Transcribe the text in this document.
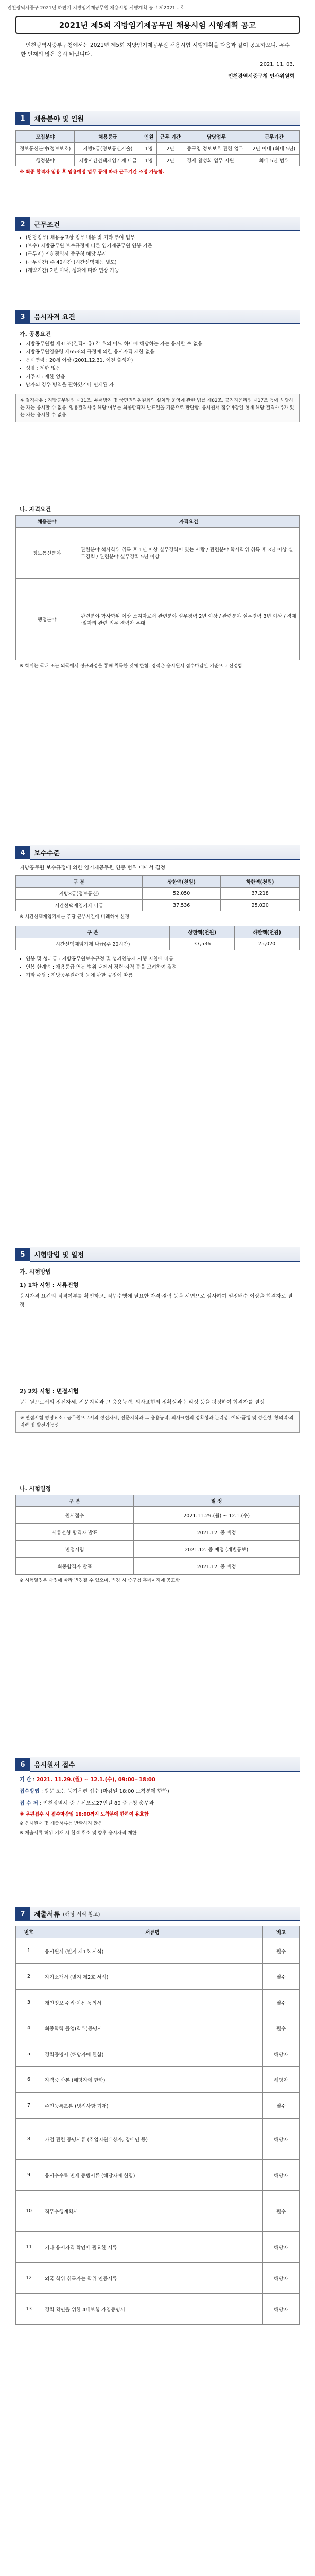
인천광역시중구 2021년 하반기 지방임기제공무원 채용시험 시행계획 공고 제2021 - 호
2021년 제5회 지방임기제공무원 채용시험 시행계획 공고
인천광역시중부구청에서는 2021년 제5회 지방임기제공무원 채용시험 시행계획을 다음과 같이 공고하오니, 우수한 인재의 많은 응시 바랍니다.
2021. 11. 03.
인천광역시중구청 인사위원회
1	채용분야 및 인원
모집분야	채용등급	인원	근무 기간	담당업무	근무기간
정보통신분야(정보보호)	지방8급(정보통신기술)	1명	2년	중구청 정보보호 관련 업무	2년 이내 (최대 5년)
행정분야	지방시간선택제임기제 나급	1명	2년	경제 활성화 업무 지원	최대 5년 범위
※ 최종 합격자 임용 후 임용예정 업무 등에 따라 근무기간 조정 가능함.
2	근무조건
• (담당업무) 채용공고상 업무 내용 및 기타 부여 업무
• (보수) 지방공무원 보수규정에 따른 임기제공무원 연봉 기준
• (근무지) 인천광역시 중구청 해당 부서
• (근무시간) 주 40시간 (시간선택제는 별도)
• (계약기간) 2년 이내, 성과에 따라 연장 가능
3	응시자격 요건
가. 공통요건
• 지방공무원법 제31조(결격사유) 각 호의 어느 하나에 해당하는 자는 응시할 수 없음
• 지방공무원임용령 제65조의 규정에 의한 응시자격 제한 없음
• 응시연령 : 20세 이상 (2001.12.31. 이전 출생자)
• 성별 : 제한 없음
• 거주지 : 제한 없음
• 남자의 경우 병역을 필하였거나 면제된 자
※ 결격사유 : 지방공무원법 제31조, 부패방지 및 국민권익위원회의 설치와 운영에 관한 법률 제82조, 공직자윤리법 제17조 등에 해당하는 자는 응시할 수 없음. 임용결격사유 해당 여부는 최종합격자 발표일을 기준으로 판단함. 응시원서 접수마감일 현재 해당 결격사유가 있는 자는 응시할 수 없음.
나. 자격요건
채용분야	자격요건
정보통신분야	관련분야 석사학위 취득 후 1년 이상 실무경력이 있는 사람 / 관련분야 학사학위 취득 후 3년 이상 실무경력 / 관련분야 실무경력 5년 이상
행정분야	관련분야 학사학위 이상 소지자로서 관련분야 실무경력 2년 이상 / 관련분야 실무경력 3년 이상 / 경제·일자리 관련 업무 경력자 우대
※ 학위는 국내 또는 외국에서 정규과정을 통해 취득한 것에 한함. 경력은 응시원서 접수마감일 기준으로 산정함.
4	보수수준
지방공무원 보수규정에 의한 임기제공무원 연봉 범위 내에서 결정
구 분	상한액(천원)	하한액(천원)
지방8급(정보통신)	52,050	37,218
시간선택제임기제 나급	37,536	25,020
※ 시간선택제임기제는 주당 근무시간에 비례하여 산정
구 분	상한액(천원)	하한액(천원)
시간선택제임기제 나급(주 20시간)	37,536	25,020
• 연봉 및 성과급 : 지방공무원보수규정 및 성과연봉제 시행 지침에 따름
• 연봉 한계액 : 채용등급 연봉 범위 내에서 경력·자격 등을 고려하여 결정
• 기타 수당 : 지방공무원수당 등에 관한 규정에 따름
5	시험방법 및 일정
가. 시험방법
1) 1차 시험 : 서류전형
응시자격 요건의 적격여부를 확인하고, 직무수행에 필요한 자격·경력 등을 서면으로 심사하여 일정배수 이상을 합격자로 결정
2) 2차 시험 : 면접시험
공무원으로서의 정신자세, 전문지식과 그 응용능력, 의사표현의 정확성과 논리성 등을 평정하여 합격자를 결정
※ 면접시험 평정요소 : 공무원으로서의 정신자세, 전문지식과 그 응용능력, 의사표현의 정확성과 논리성, 예의·품행 및 성실성, 창의력·의지력 및 발전가능성
나. 시험일정
구 분	일 정
원서접수	2021.11.29.(월) ~ 12.1.(수)
서류전형 합격자 발표	2021.12. 중 예정
면접시험	2021.12. 중 예정 (개별통보)
최종합격자 발표	2021.12. 중 예정
※ 시험일정은 사정에 따라 변경될 수 있으며, 변경 시 중구청 홈페이지에 공고함
6	응시원서 접수
기 간 : 2021. 11.29.(월) ~ 12.1.(수), 09:00~18:00
접수방법 : 방문 또는 등기우편 접수 (마감일 18:00 도착분에 한함)
접 수 처 : 인천광역시 중구 신포로27번길 80 중구청 총무과
※ 우편접수 시 접수마감일 18:00까지 도착분에 한하여 유효함
※ 응시원서 및 제출서류는 반환하지 않음
※ 제출서류 허위 기재 시 합격 취소 및 향후 응시자격 제한
7	제출서류 (해당 서식 참고)
번호	서류명	비고
1	응시원서 (별지 제1호 서식)	필수
2	자기소개서 (별지 제2호 서식)	필수
3	개인정보 수집·이용 동의서	필수
4	최종학력 졸업(학위)증명서	필수
5	경력증명서 (해당자에 한함)	해당자
6	자격증 사본 (해당자에 한함)	해당자
7	주민등록초본 (병적사항 기재)	필수
8	가점 관련 증명서류 (취업지원대상자, 장애인 등)	해당자
9	응시수수료 면제 증빙서류 (해당자에 한함)	해당자
10	직무수행계획서	필수
11	기타 응시자격 확인에 필요한 서류	해당자
12	외국 학위 취득자는 학위 인증서류	해당자
13	경력 확인을 위한 4대보험 가입증명서	해당자
